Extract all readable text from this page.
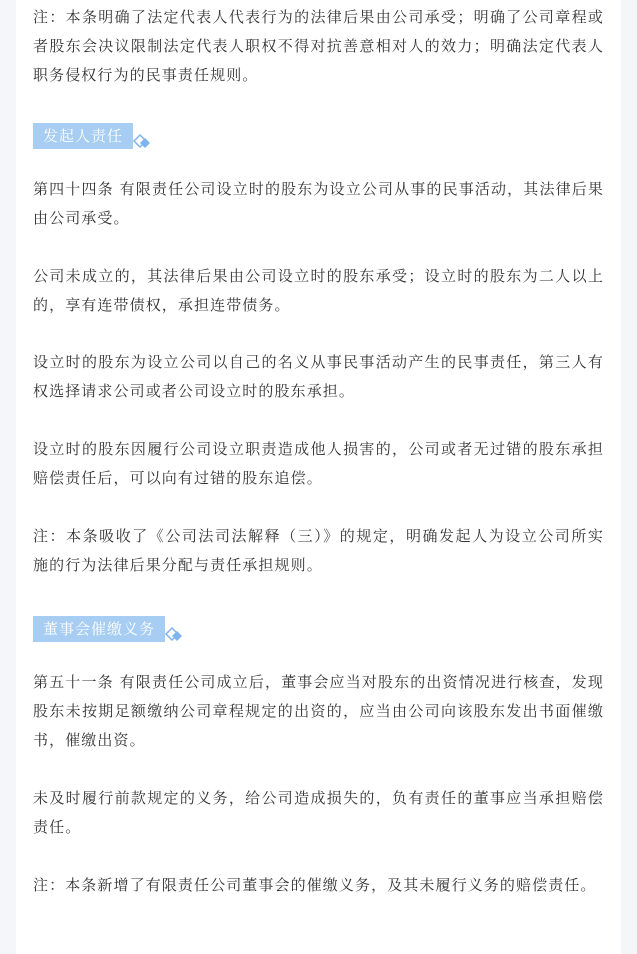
注：本条明确了法定代表人代表行为的法律后果由公司承受；明确了公司章程或者股东会决议限制法定代表人职权不得对抗善意相对人的效力；明确法定代表人职务侵权行为的民事责任规则。

发起人责任

第四十四条 有限责任公司设立时的股东为设立公司从事的民事活动，其法律后果由公司承受。

公司未成立的，其法律后果由公司设立时的股东承受；设立时的股东为二人以上的，享有连带债权，承担连带债务。

设立时的股东为设立公司以自己的名义从事民事活动产生的民事责任，第三人有权选择请求公司或者公司设立时的股东承担。

设立时的股东因履行公司设立职责造成他人损害的，公司或者无过错的股东承担赔偿责任后，可以向有过错的股东追偿。

注：本条吸收了《公司法司法解释（三）》的规定，明确发起人为设立公司所实施的行为法律后果分配与责任承担规则。

董事会催缴义务

第五十一条 有限责任公司成立后，董事会应当对股东的出资情况进行核查，发现股东未按期足额缴纳公司章程规定的出资的，应当由公司向该股东发出书面催缴书，催缴出资。

未及时履行前款规定的义务，给公司造成损失的，负有责任的董事应当承担赔偿责任。

注：本条新增了有限责任公司董事会的催缴义务，及其未履行义务的赔偿责任。
